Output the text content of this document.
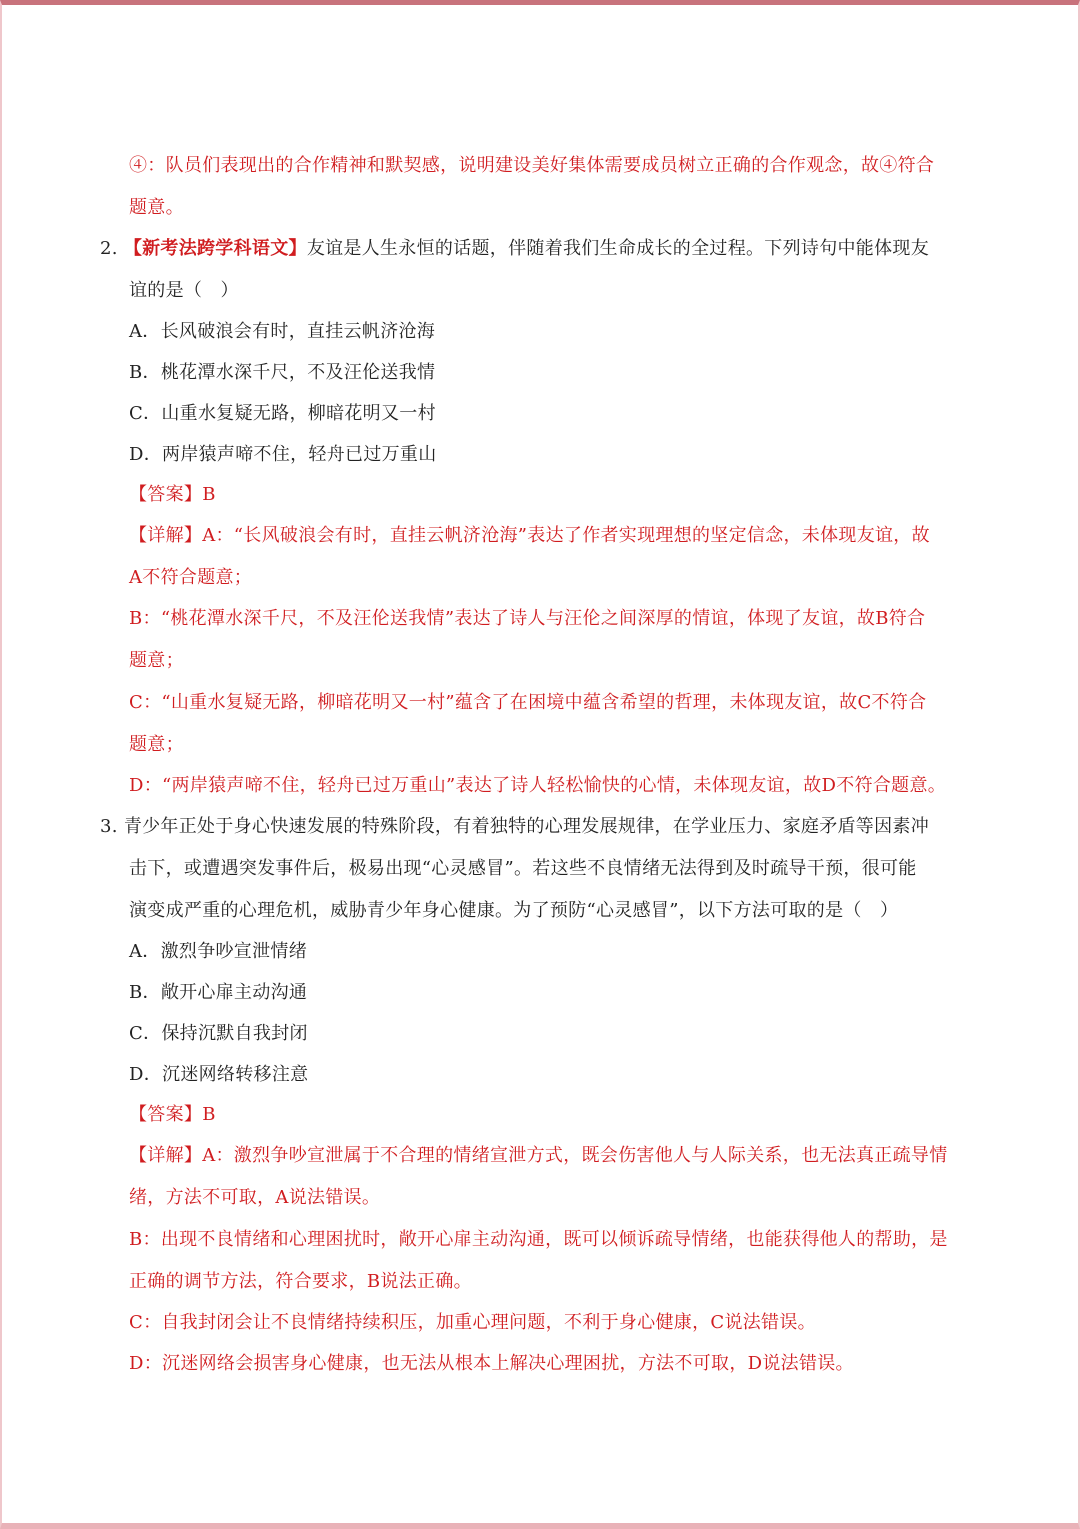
④：队员们表现出的合作精神和默契感，说明建设美好集体需要成员树立正确的合作观念，故④符合
题意。
2. 【新考法跨学科语文】友谊是人生永恒的话题，伴随着我们生命成长的全过程。下列诗句中能体现友
谊的是（　）
A．长风破浪会有时，直挂云帆济沧海
B．桃花潭水深千尺，不及汪伦送我情
C．山重水复疑无路，柳暗花明又一村
D．两岸猿声啼不住，轻舟已过万重山
【答案】B
【详解】A：“长风破浪会有时，直挂云帆济沧海”表达了作者实现理想的坚定信念，未体现友谊，故
A不符合题意；
B：“桃花潭水深千尺，不及汪伦送我情”表达了诗人与汪伦之间深厚的情谊，体现了友谊，故B符合
题意；
C：“山重水复疑无路，柳暗花明又一村”蕴含了在困境中蕴含希望的哲理，未体现友谊，故C不符合
题意；
D：“两岸猿声啼不住，轻舟已过万重山”表达了诗人轻松愉快的心情，未体现友谊，故D不符合题意。
3. 青少年正处于身心快速发展的特殊阶段，有着独特的心理发展规律，在学业压力、家庭矛盾等因素冲
击下，或遭遇突发事件后，极易出现“心灵感冒”。若这些不良情绪无法得到及时疏导干预，很可能
演变成严重的心理危机，威胁青少年身心健康。为了预防“心灵感冒”，以下方法可取的是（　）
A．激烈争吵宣泄情绪
B．敞开心扉主动沟通
C．保持沉默自我封闭
D．沉迷网络转移注意
【答案】B
【详解】A：激烈争吵宣泄属于不合理的情绪宣泄方式，既会伤害他人与人际关系，也无法真正疏导情
绪，方法不可取，A说法错误。
B：出现不良情绪和心理困扰时，敞开心扉主动沟通，既可以倾诉疏导情绪，也能获得他人的帮助，是
正确的调节方法，符合要求，B说法正确。
C：自我封闭会让不良情绪持续积压，加重心理问题，不利于身心健康，C说法错误。
D：沉迷网络会损害身心健康，也无法从根本上解决心理困扰，方法不可取，D说法错误。
